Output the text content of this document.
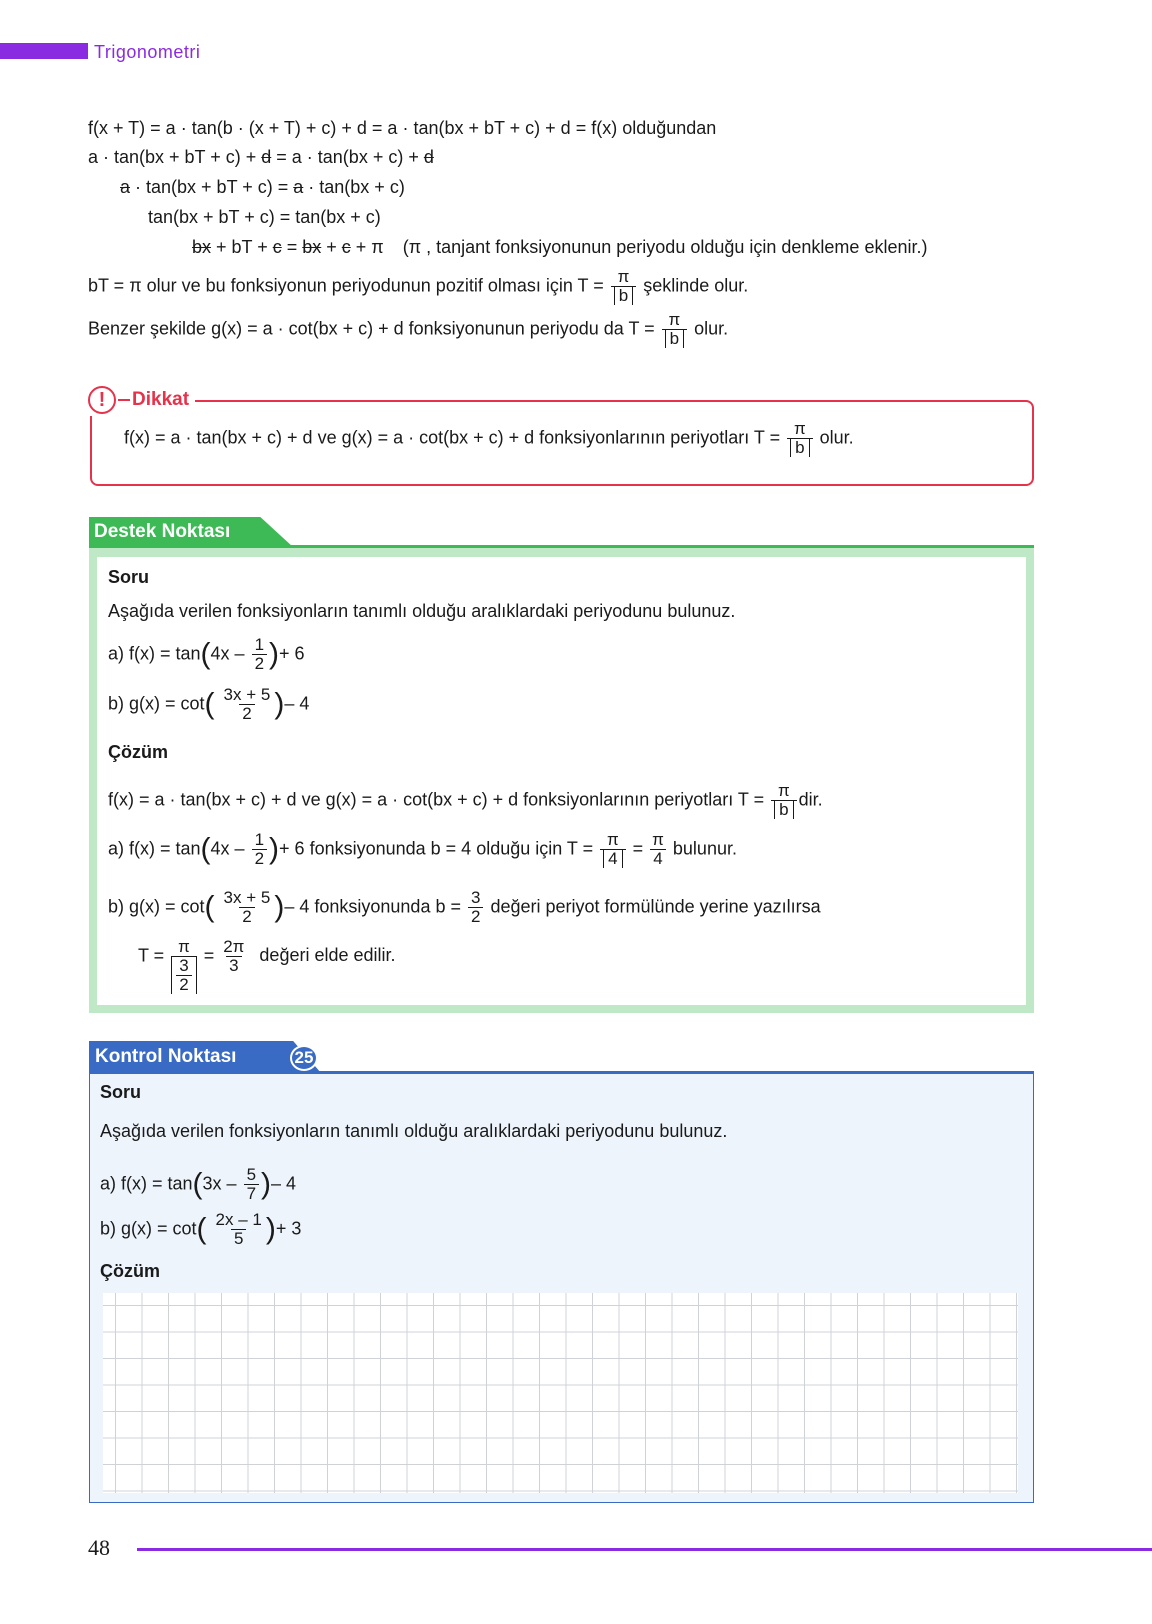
Trigonometri
f(x + T) = a · tan(b · (x + T) + c) + d = a · tan(bx + bT + c) + d = f(x) olduğundan
a · tan(bx + bT + c) + d = a · tan(bx + c) + d
a · tan(bx + bT + c) = a · tan(bx + c)
tan(bx + bT + c) = tan(bx + c)
bx + bT + c = bx + c + π (π , tanjant fonksiyonunun periyodu olduğu için denkleme eklenir.)
bT = π olur ve bu fonksiyonun periyodunun pozitif olması için $T = \frac{\pi}{b}$ şeklinde olur.
Benzer şekilde g(x) = a · cot(bx + c) + d fonksiyonunun periyodu da $T = \frac{\pi}{b}$ olur.
!	Dikkat
f(x) = a · tan(bx + c) + d ve g(x) = a · cot(bx + c) + d fonksiyonlarının periyotları $T = \frac{\pi}{b}$ olur.
Destek Noktası
Soru
Aşağıda verilen fonksiyonların tanımlı olduğu aralıklardaki periyodunu bulunuz.
a) $f(x) = \tan(4x - \frac{1}{2}$ )+ 6
b) $g(x) = \cot( \frac{3x + 5}{2}$ )– 4
Çözüm
f(x) = a · tan(bx + c) + d ve g(x) = a · cot(bx + c) + d fonksiyonlarının periyotları $T = \frac{\pi}{b}$ dir.
a) $f(x) = \tan(4x - \frac{1}{2}$ )+ 6 fonksiyonunda b = 4 olduğu için $T = \frac{\pi}{4} = \frac{\pi}{4}$ bulunur.
b) $g(x) = \cot( \frac{3x + 5}{2}$ )– 4 fonksiyonunda $b = \frac{3}{2}$ değeri periyot formülünde yerine yazılırsa
$T = \frac{\pi}{\frac{3}{2}} = \frac{2\pi}{3}$ değeri elde edilir.
Kontrol Noktası	25
Soru
Aşağıda verilen fonksiyonların tanımlı olduğu aralıklardaki periyodunu bulunuz.
a) $f(x) = \tan(3x - \frac{5}{7}$ )– 4
b) $g(x) = \cot( \frac{2x - 1}{5}$ )+ 3
Çözüm
48
